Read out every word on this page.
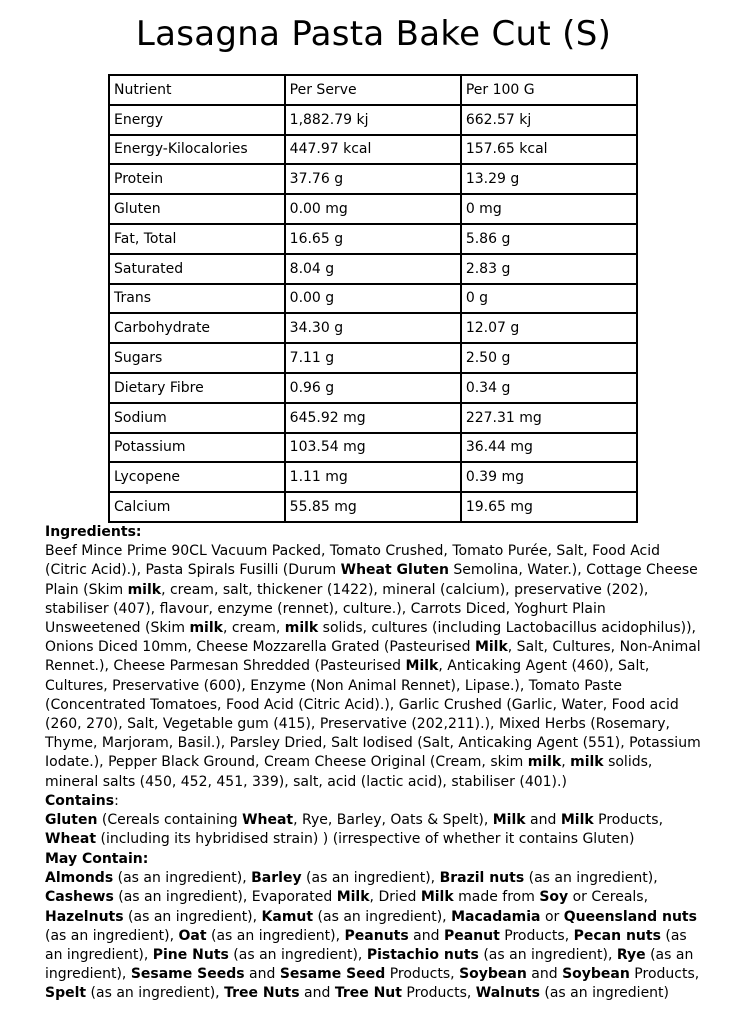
Lasagna Pasta Bake Cut (S)
Nutrient	Per Serve	Per 100 G
Energy	1,882.79 kj	662.57 kj
Energy-Kilocalories	447.97 kcal	157.65 kcal
Protein	37.76 g	13.29 g
Gluten	0.00 mg	0 mg
Fat, Total	16.65 g	5.86 g
Saturated	8.04 g	2.83 g
Trans	0.00 g	0 g
Carbohydrate	34.30 g	12.07 g
Sugars	7.11 g	2.50 g
Dietary Fibre	0.96 g	0.34 g
Sodium	645.92 mg	227.31 mg
Potassium	103.54 mg	36.44 mg
Lycopene	1.11 mg	0.39 mg
Calcium	55.85 mg	19.65 mg
Ingredients:
Beef Mince Prime 90CL Vacuum Packed, Tomato Crushed, Tomato Purée, Salt, Food Acid (Citric Acid).), Pasta Spirals Fusilli (Durum Wheat Gluten Semolina, Water.), Cottage Cheese Plain (Skim milk, cream, salt, thickener (1422), mineral (calcium), preservative (202), stabiliser (407), flavour, enzyme (rennet), culture.), Carrots Diced, Yoghurt Plain Unsweetened (Skim milk, cream, milk solids, cultures (including Lactobacillus acidophilus)), Onions Diced 10mm, Cheese Mozzarella Grated (Pasteurised Milk, Salt, Cultures, Non-Animal Rennet.), Cheese Parmesan Shredded (Pasteurised Milk, Anticaking Agent (460), Salt, Cultures, Preservative (600), Enzyme (Non Animal Rennet), Lipase.), Tomato Paste (Concentrated Tomatoes, Food Acid (Citric Acid).), Garlic Crushed (Garlic, Water, Food acid (260, 270), Salt, Vegetable gum (415), Preservative (202,211).), Mixed Herbs (Rosemary, Thyme, Marjoram, Basil.), Parsley Dried, Salt Iodised (Salt, Anticaking Agent (551), Potassium Iodate.), Pepper Black Ground, Cream Cheese Original (Cream, skim milk, milk solids, mineral salts (450, 452, 451, 339), salt, acid (lactic acid), stabiliser (401).)
Contains:
Gluten (Cereals containing Wheat, Rye, Barley, Oats & Spelt), Milk and Milk Products, Wheat (including its hybridised strain) ) (irrespective of whether it contains Gluten)
May Contain:
Almonds (as an ingredient), Barley (as an ingredient), Brazil nuts (as an ingredient), Cashews (as an ingredient), Evaporated Milk, Dried Milk made from Soy or Cereals, Hazelnuts (as an ingredient), Kamut (as an ingredient), Macadamia or Queensland nuts (as an ingredient), Oat (as an ingredient), Peanuts and Peanut Products, Pecan nuts (as an ingredient), Pine Nuts (as an ingredient), Pistachio nuts (as an ingredient), Rye (as an ingredient), Sesame Seeds and Sesame Seed Products, Soybean and Soybean Products, Spelt (as an ingredient), Tree Nuts and Tree Nut Products, Walnuts (as an ingredient)
